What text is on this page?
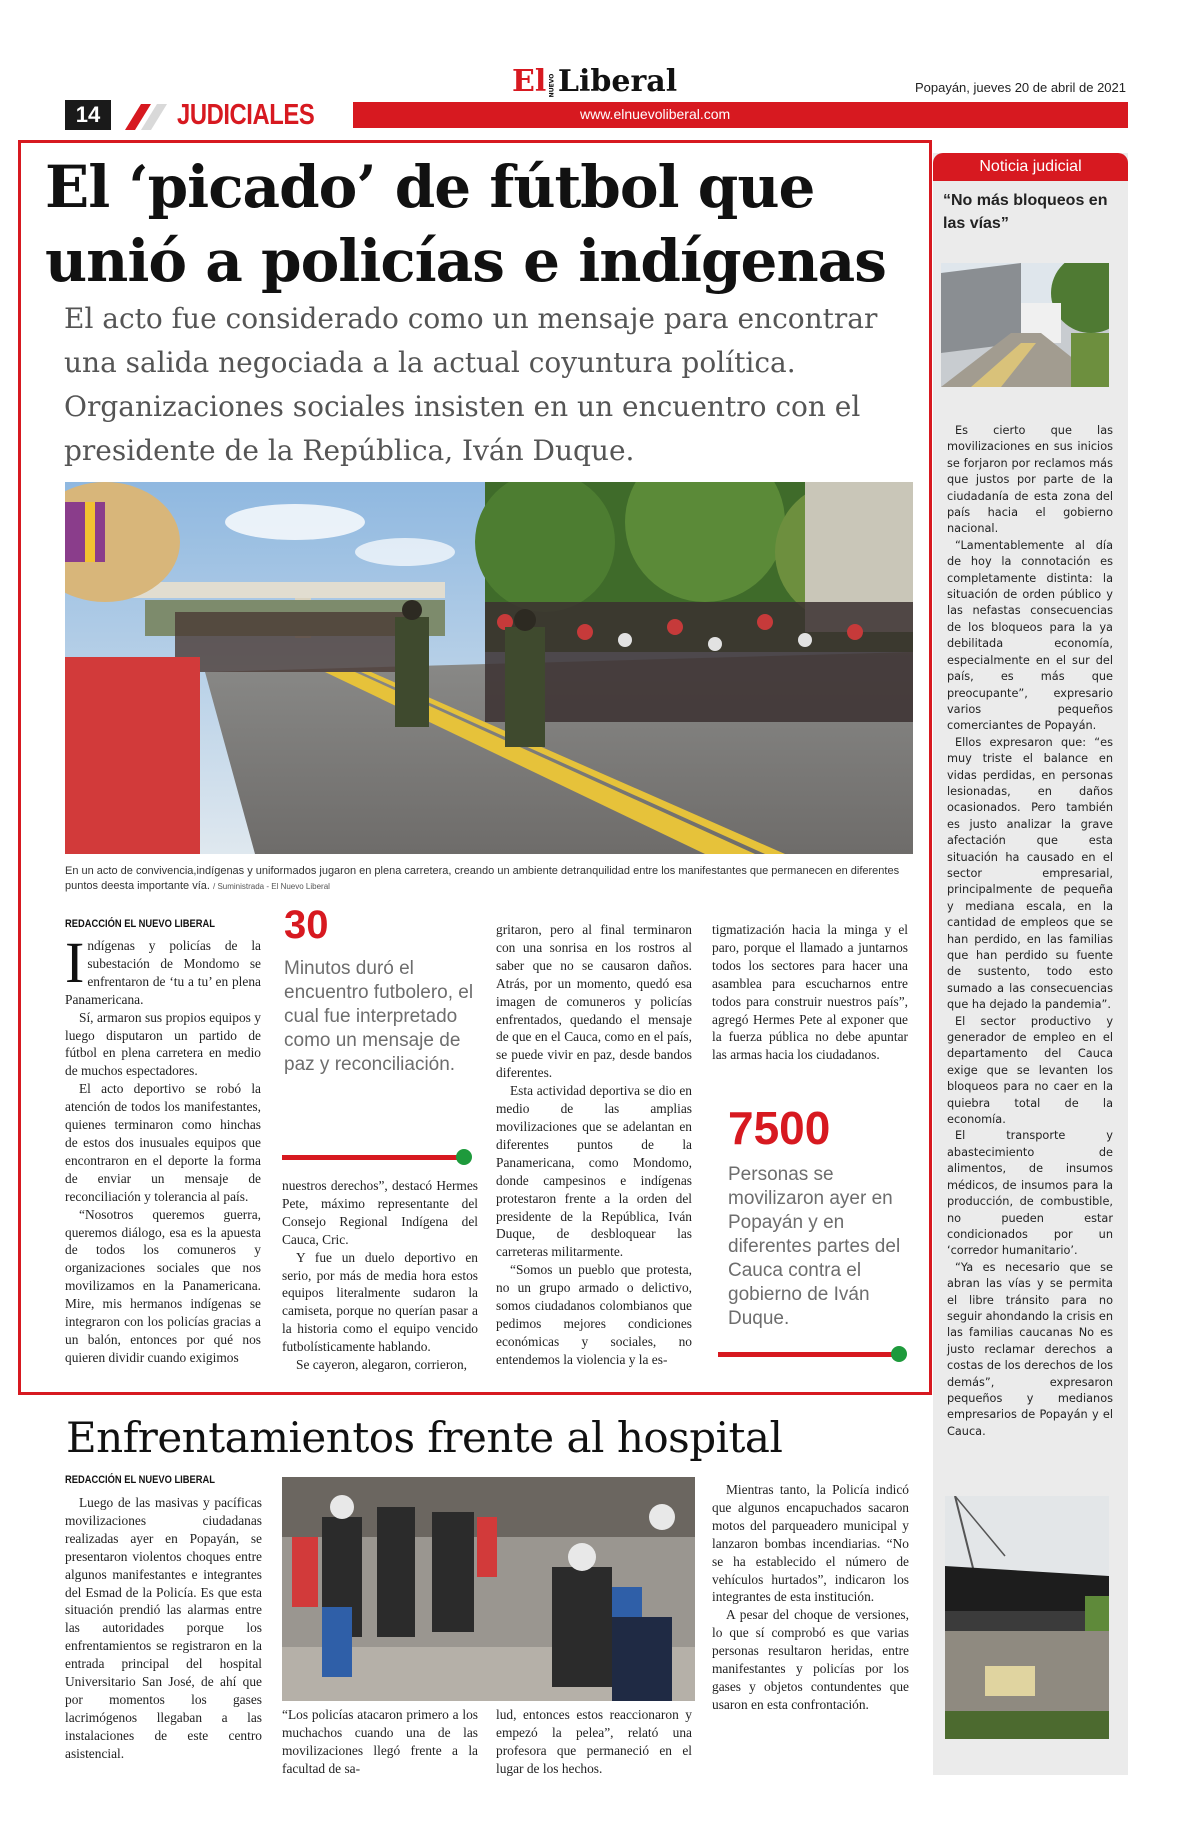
El NUEVOLiberal	Popayán, jueves 20 de abril de 2021
14	JUDICIALES	www.elnuevoliberal.com
El ‘picado’ de fútbol que
unió a policías e indígenas
El acto fue considerado como un mensaje para encontrar una salida negociada a la actual coyuntura política. Organizaciones sociales insisten en un encuentro con el presidente de la República, Iván Duque.
En un acto de convivencia,indígenas y uniformados jugaron en plena carretera, creando un ambiente detranquilidad entre los manifestantes que permanecen en diferentes puntos deesta importante vía. / Suministrada - El Nuevo Liberal
REDACCIÓN EL NUEVO LIBERAL

Indígenas y policías de la subestación de Mondomo se enfrentaron de ‘tu a tu’ en plena Panamericana.

Sí, armaron sus propios equipos y luego disputaron un partido de fútbol en plena carretera en medio de muchos espectadores.

El acto deportivo se robó la atención de todos los manifestantes, quienes terminaron como hinchas de estos dos inusuales equipos que encontraron en el deporte la forma de enviar un mensaje de reconciliación y tolerancia al país.

“Nosotros queremos guerra, queremos diálogo, esa es la apuesta de todos los comuneros y organizaciones sociales que nos movilizamos en la Panamericana. Mire, mis hermanos indígenas se integraron con los policías gracias a un balón, entonces por qué nos quieren dividir cuando exigimos

30
Minutos duró el encuentro futbolero, el cual fue interpretado como un mensaje de paz y reconciliación.

nuestros derechos”, destacó Hermes Pete, máximo representante del Consejo Regional Indígena del Cauca, Cric.

Y fue un duelo deportivo en serio, por más de media hora estos equipos literalmente sudaron la camiseta, porque no querían pasar a la historia como el equipo vencido futbolísticamente hablando.

Se cayeron, alegaron, corrieron,

gritaron, pero al final terminaron con una sonrisa en los rostros al saber que no se causaron daños. Atrás, por un momento, quedó esa imagen de comuneros y policías enfrentados, quedando el mensaje de que en el Cauca, como en el país, se puede vivir en paz, desde bandos diferentes.

Esta actividad deportiva se dio en medio de las amplias movilizaciones que se adelantan en diferentes puntos de la Panamericana, como Mondomo, donde campesinos e indígenas protestaron frente a la orden del presidente de la República, Iván Duque, de desbloquear las carreteras militarmente.

“Somos un pueblo que protesta, no un grupo armado o delictivo, somos ciudadanos colombianos que pedimos mejores condiciones económicas y sociales, no entendemos la violencia y la es-

tigmatización hacia la minga y el paro, porque el llamado a juntarnos todos los sectores para hacer una asamblea para escucharnos entre todos para construir nuestros país”, agregó Hermes Pete al exponer que la fuerza pública no debe apuntar las armas hacia los ciudadanos.

7500
Personas se movilizaron ayer en Popayán y en diferentes partes del Cauca contra el gobierno de Iván Duque.
Enfrentamientos frente al hospital
REDACCIÓN EL NUEVO LIBERAL

Luego de las masivas y pacíficas movilizaciones ciudadanas realizadas ayer en Popayán, se presentaron violentos choques entre algunos manifestantes e integrantes del Esmad de la Policía. Es que esta situación prendió las alarmas entre las autoridades porque los enfrentamientos se registraron en la entrada principal del hospital Universitario San José, de ahí que por momentos los gases lacrimógenos llegaban a las instalaciones de este centro asistencial.

“Los policías atacaron primero a los muchachos cuando una de las movilizaciones llegó frente a la facultad de sa-

lud, entonces estos reaccionaron y empezó la pelea”, relató una profesora que permaneció en el lugar de los hechos.

Mientras tanto, la Policía indicó que algunos encapuchados sacaron motos del parqueadero municipal y lanzaron bombas incendiarias. “No se ha establecido el número de vehículos hurtados”, indicaron los integrantes de esta institución.

A pesar del choque de versiones, lo que sí comprobó es que varias personas resultaron heridas, entre manifestantes y policías por los gases y objetos contundentes que usaron en esta confrontación.

Noticia judicial
“No más bloqueos en las vías”

Es cierto que las movilizaciones en sus inicios se forjaron por reclamos más que justos por parte de la ciudadanía de esta zona del país hacia el gobierno nacional.

“Lamentablemente al día de hoy la connotación es completamente distinta: la situación de orden público y las nefastas consecuencias de los bloqueos para la ya debilitada economía, especialmente en el sur del país, es más que preocupante”, expresario varios pequeños comerciantes de Popayán.

Ellos expresaron que: “es muy triste el balance en vidas perdidas, en personas lesionadas, en daños ocasionados. Pero también es justo analizar la grave afectación que esta situación ha causado en el sector empresarial, principalmente de pequeña y mediana escala, en la cantidad de empleos que se han perdido, en las familias que han perdido su fuente de sustento, todo esto sumado a las consecuencias que ha dejado la pandemia”.

El sector productivo y generador de empleo en el departamento del Cauca exige que se levanten los bloqueos para no caer en la quiebra total de la economía.

El transporte y abastecimiento de alimentos, de insumos médicos, de insumos para la producción, de combustible, no pueden estar condicionados por un ‘corredor humanitario’.

“Ya es necesario que se abran las vías y se permita el libre tránsito para no seguir ahondando la crisis en las familias caucanas No es justo reclamar derechos a costas de los derechos de los demás”, expresaron pequeños y medianos empresarios de Popayán y el Cauca.
